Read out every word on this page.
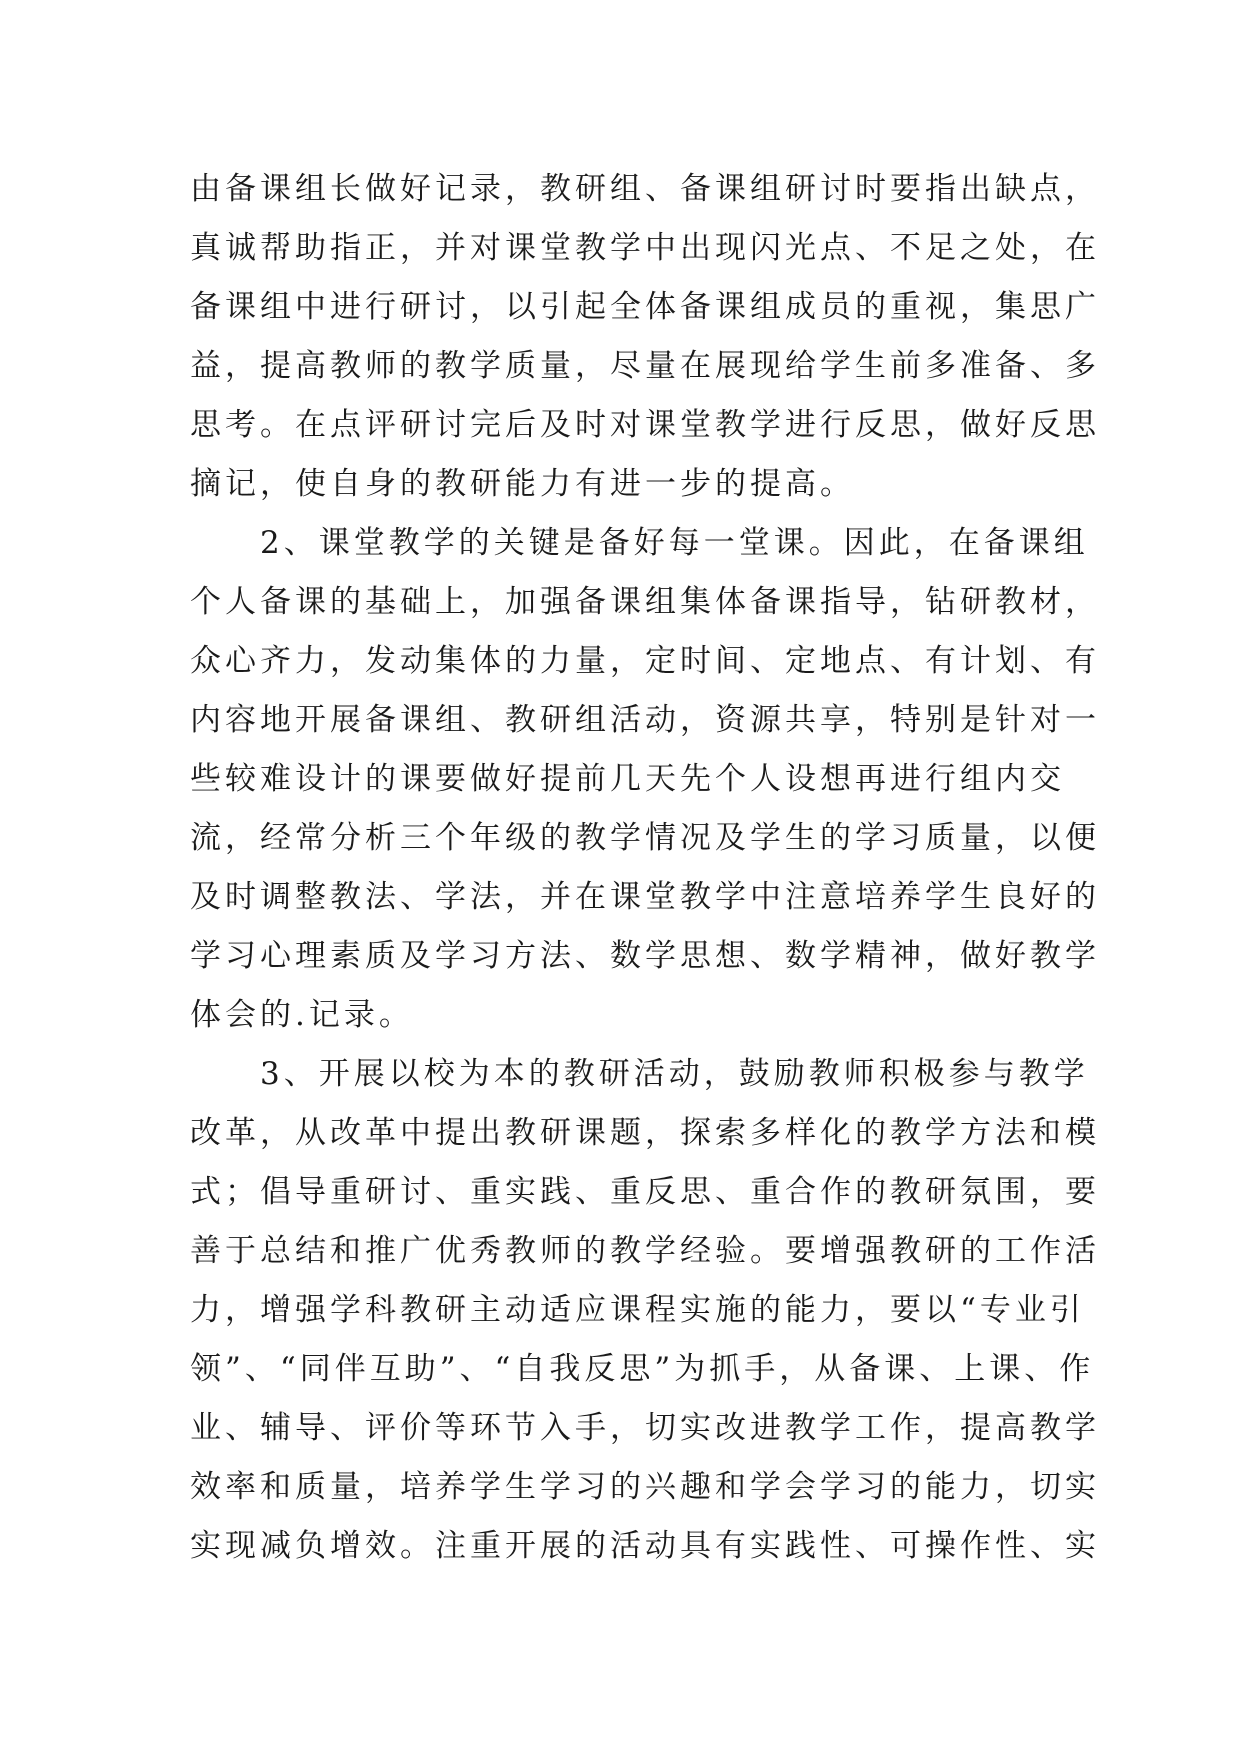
由备课组长做好记录，教研组、备课组研讨时要指出缺点，
真诚帮助指正，并对课堂教学中出现闪光点、不足之处，在
备课组中进行研讨，以引起全体备课组成员的重视，集思广
益，提高教师的教学质量，尽量在展现给学生前多准备、多
思考。在点评研讨完后及时对课堂教学进行反思，做好反思
摘记，使自身的教研能力有进一步的提高。
　　2、课堂教学的关键是备好每一堂课。因此，在备课组
个人备课的基础上，加强备课组集体备课指导，钻研教材，
众心齐力，发动集体的力量，定时间、定地点、有计划、有
内容地开展备课组、教研组活动，资源共享，特别是针对一
些较难设计的课要做好提前几天先个人设想再进行组内交
流，经常分析三个年级的教学情况及学生的学习质量，以便
及时调整教法、学法，并在课堂教学中注意培养学生良好的
学习心理素质及学习方法、数学思想、数学精神，做好教学
体会的.记录。
　　3、开展以校为本的教研活动，鼓励教师积极参与教学
改革，从改革中提出教研课题，探索多样化的教学方法和模
式；倡导重研讨、重实践、重反思、重合作的教研氛围，要
善于总结和推广优秀教师的教学经验。要增强教研的工作活
力，增强学科教研主动适应课程实施的能力，要以“专业引
领”、“同伴互助”、“自我反思”为抓手，从备课、上课、作
业、辅导、评价等环节入手，切实改进教学工作，提高教学
效率和质量，培养学生学习的兴趣和学会学习的能力，切实
实现减负增效。注重开展的活动具有实践性、可操作性、实
